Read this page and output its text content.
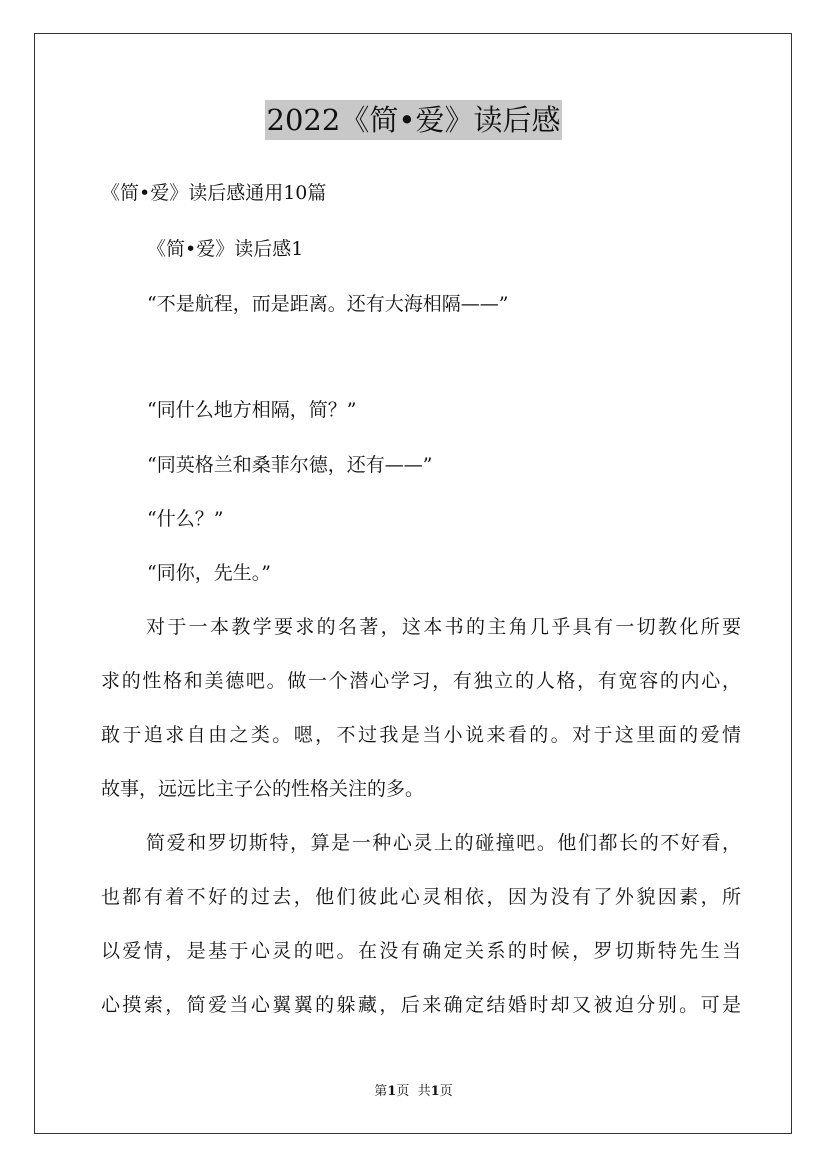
2022《简•爱》读后感
《简•爱》读后感通用10篇
《简•爱》读后感1
“不是航程，而是距离。还有大海相隔——”
“同什么地方相隔，简？”
“同英格兰和桑菲尔德，还有——”
“什么？”
“同你，先生。”
对于一本教学要求的名著，这本书的主角几乎具有一切教化所要
求的性格和美德吧。做一个潜心学习，有独立的人格，有宽容的内心，
敢于追求自由之类。嗯，不过我是当小说来看的。对于这里面的爱情
故事，远远比主子公的性格关注的多。
简爱和罗切斯特，算是一种心灵上的碰撞吧。他们都长的不好看，
也都有着不好的过去，他们彼此心灵相依，因为没有了外貌因素，所
以爱情，是基于心灵的吧。在没有确定关系的时候，罗切斯特先生当
心摸索，简爱当心翼翼的躲藏，后来确定结婚时却又被迫分别。可是
第1页 共1页
